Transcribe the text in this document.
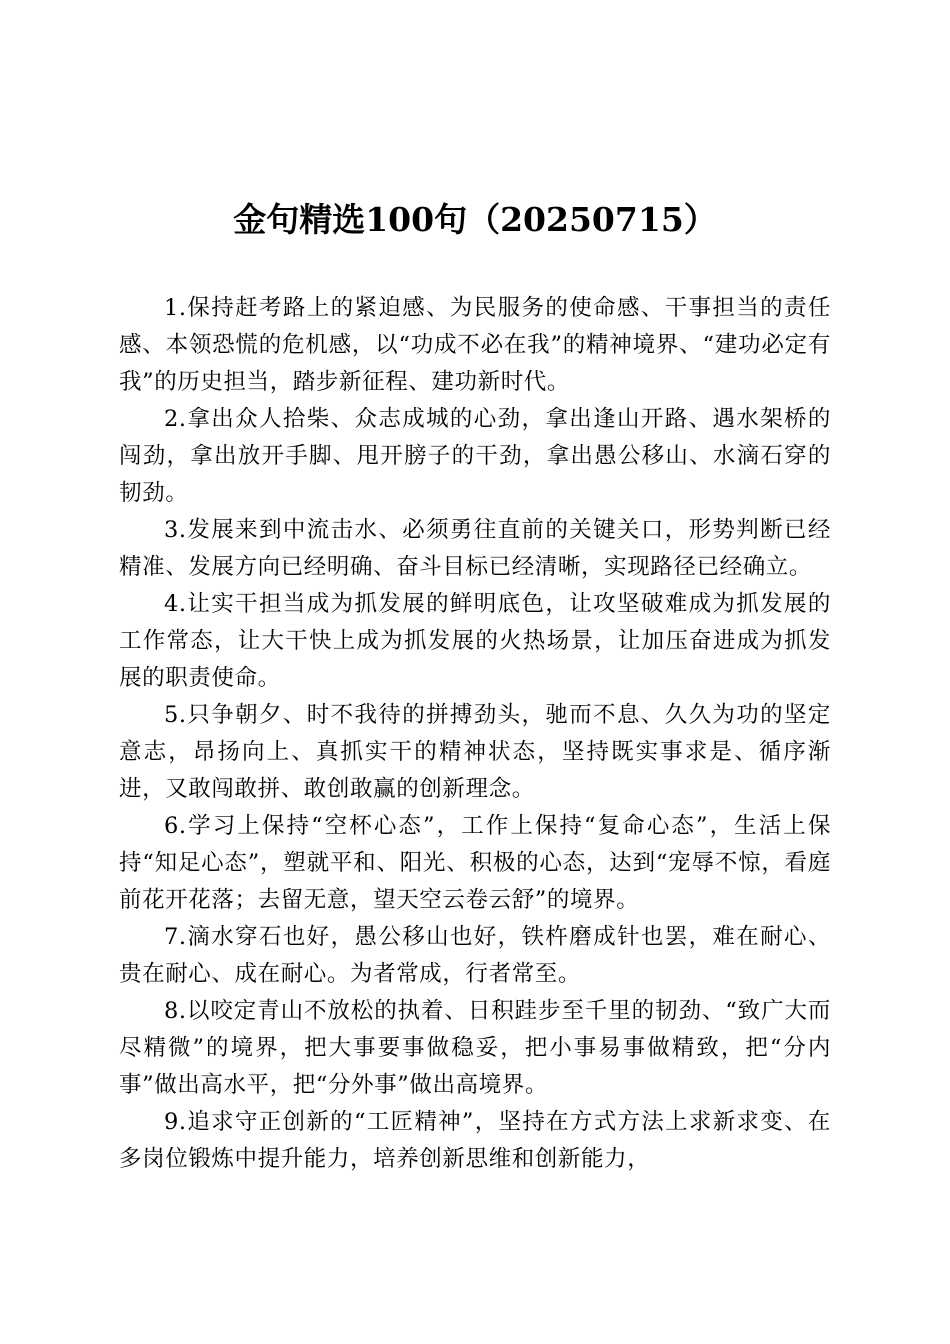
金句精选100句（20250715）

1.保持赶考路上的紧迫感、为民服务的使命感、干事担当的责任感、本领恐慌的危机感，以“功成不必在我”的精神境界、“建功必定有我”的历史担当，踏步新征程、建功新时代。

2.拿出众人拾柴、众志成城的心劲，拿出逢山开路、遇水架桥的闯劲，拿出放开手脚、甩开膀子的干劲，拿出愚公移山、水滴石穿的韧劲。

3.发展来到中流击水、必须勇往直前的关键关口，形势判断已经精准、发展方向已经明确、奋斗目标已经清晰，实现路径已经确立。

4.让实干担当成为抓发展的鲜明底色，让攻坚破难成为抓发展的工作常态，让大干快上成为抓发展的火热场景，让加压奋进成为抓发展的职责使命。

5.只争朝夕、时不我待的拼搏劲头，驰而不息、久久为功的坚定意志，昂扬向上、真抓实干的精神状态，坚持既实事求是、循序渐进，又敢闯敢拼、敢创敢赢的创新理念。

6.学习上保持“空杯心态”，工作上保持“复命心态”，生活上保持“知足心态”，塑就平和、阳光、积极的心态，达到“宠辱不惊，看庭前花开花落；去留无意，望天空云卷云舒”的境界。

7.滴水穿石也好，愚公移山也好，铁杵磨成针也罢，难在耐心、贵在耐心、成在耐心。为者常成，行者常至。

8.以咬定青山不放松的执着、日积跬步至千里的韧劲、“致广大而尽精微”的境界，把大事要事做稳妥，把小事易事做精致，把“分内事”做出高水平，把“分外事”做出高境界。

9.追求守正创新的“工匠精神”，坚持在方式方法上求新求变、在多岗位锻炼中提升能力，培养创新思维和创新能力，
